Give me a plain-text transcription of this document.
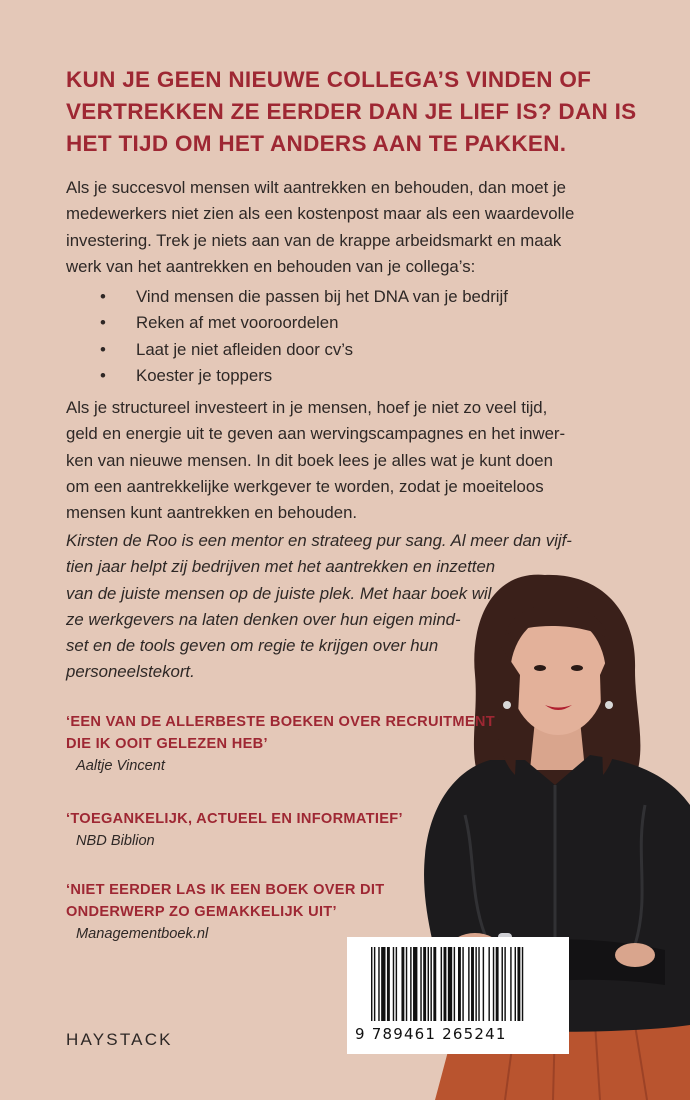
KUN JE GEEN NIEUWE COLLEGA’S VINDEN OF
VERTREKKEN ZE EERDER DAN JE LIEF IS? DAN IS
HET TIJD OM HET ANDERS AAN TE PAKKEN.
Als je succesvol mensen wilt aantrekken en behouden, dan moet je
medewerkers niet zien als een kostenpost maar als een waardevolle
investering. Trek je niets aan van de krappe arbeidsmarkt en maak
werk van het aantrekken en behouden van je collega’s:
• Vind mensen die passen bij het DNA van je bedrijf
• Reken af met vooroordelen
• Laat je niet afleiden door cv’s
• Koester je toppers
Als je structureel investeert in je mensen, hoef je niet zo veel tijd,
geld en energie uit te geven aan wervingscampagnes en het inwer-
ken van nieuwe mensen. In dit boek lees je alles wat je kunt doen
om een aantrekkelijke werkgever te worden, zodat je moeiteloos
mensen kunt aantrekken en behouden.
Kirsten de Roo is een mentor en strateeg pur sang. Al meer dan vijf-
tien jaar helpt zij bedrijven met het aantrekken en inzetten
van de juiste mensen op de juiste plek. Met haar boek wil
ze werkgevers na laten denken over hun eigen mind-
set en de tools geven om regie te krijgen over hun
personeelstekort.
‘EEN VAN DE ALLERBESTE BOEKEN OVER RECRUITMENT
DIE IK OOIT GELEZEN HEB’
Aaltje Vincent
‘TOEGANKELIJK, ACTUEEL EN INFORMATIEF’
NBD Biblion
‘NIET EERDER LAS IK EEN BOEK OVER DIT
ONDERWERP ZO GEMAKKELIJK UIT’
Managementboek.nl
HAYSTACK	9 789461 265241
